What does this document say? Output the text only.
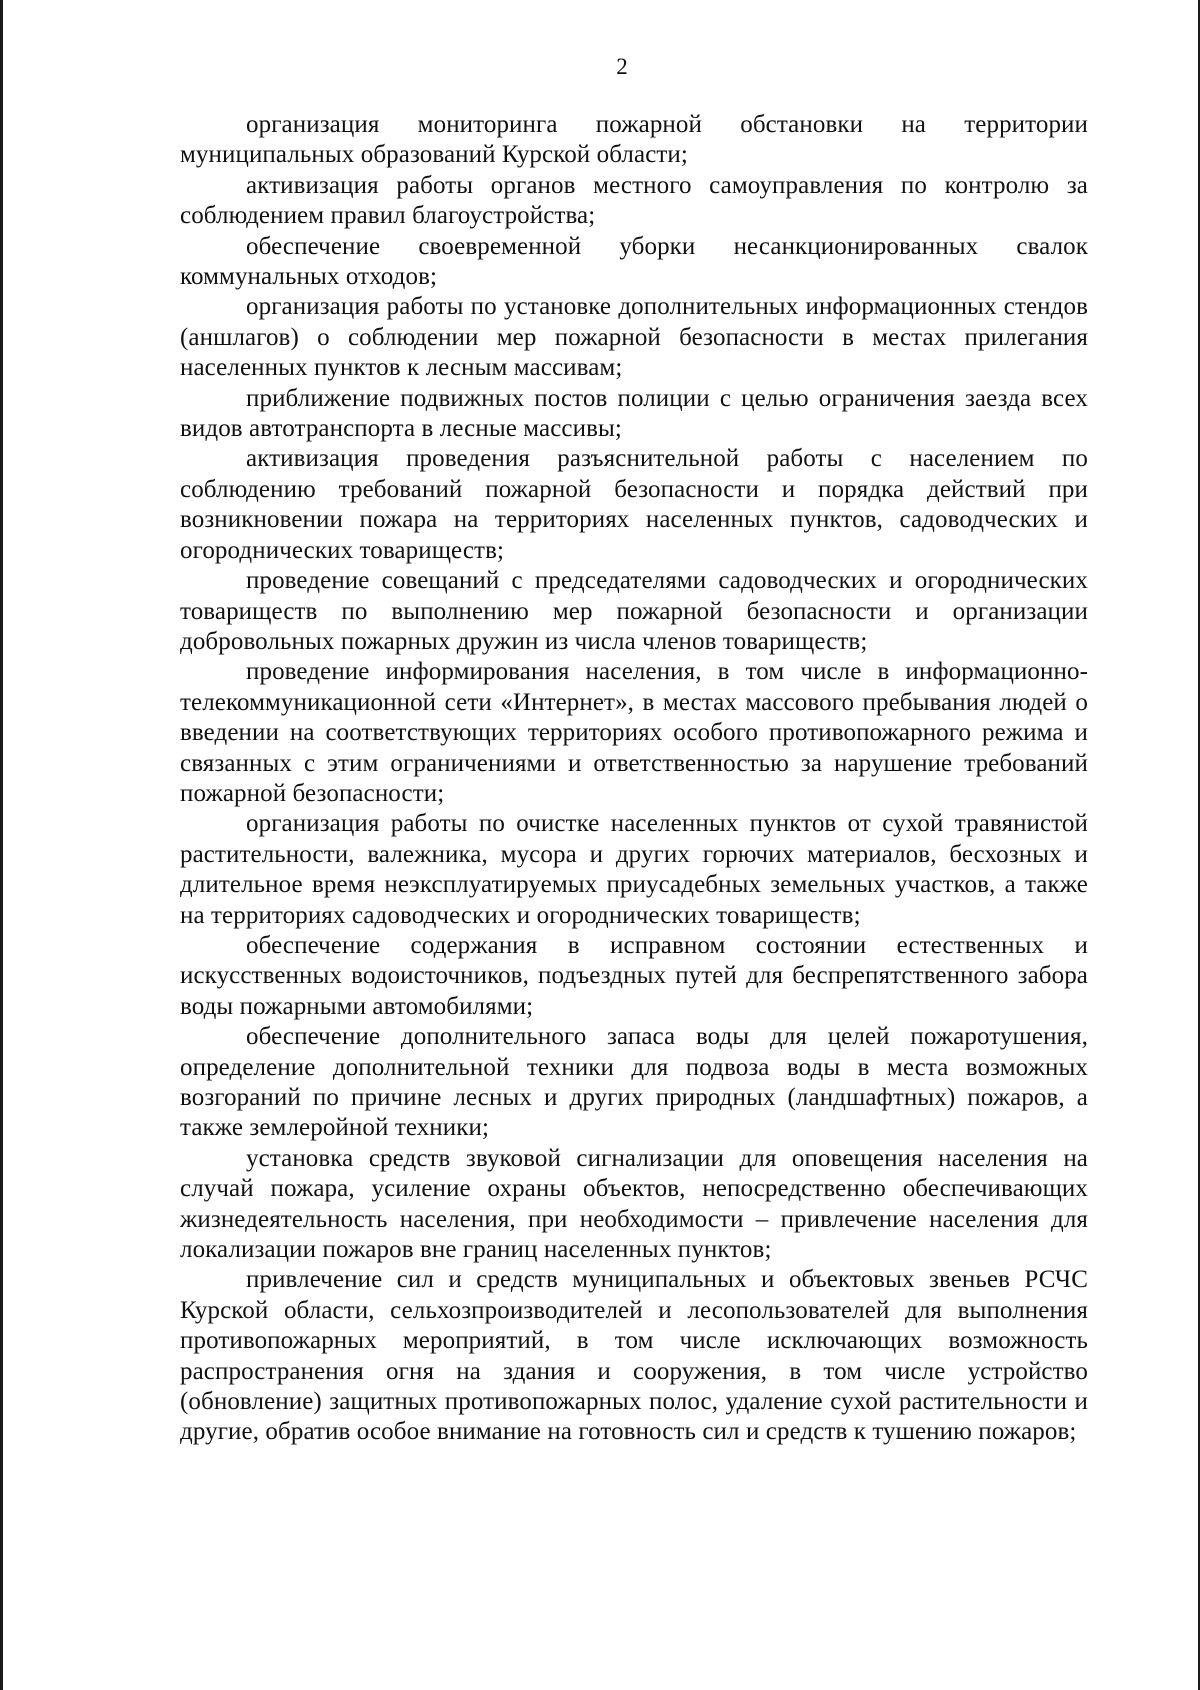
2

организация мониторинга пожарной обстановки на территории муниципальных образований Курской области;

активизация работы органов местного самоуправления по контролю за соблюдением правил благоустройства;

обеспечение своевременной уборки несанкционированных свалок коммунальных отходов;

организация работы по установке дополнительных информационных стендов (аншлагов) о соблюдении мер пожарной безопасности в местах прилегания населенных пунктов к лесным массивам;

приближение подвижных постов полиции с целью ограничения заезда всех видов автотранспорта в лесные массивы;

активизация проведения разъяснительной работы с населением по соблюдению требований пожарной безопасности и порядка действий при возникновении пожара на территориях населенных пунктов, садоводческих и огороднических товариществ;

проведение совещаний с председателями садоводческих и огороднических товариществ по выполнению мер пожарной безопасности и организации добровольных пожарных дружин из числа членов товариществ;

проведение информирования населения, в том числе в информационно-телекоммуникационной сети «Интернет», в местах массового пребывания людей о введении на соответствующих территориях особого противопожарного режима и связанных с этим ограничениями и ответственностью за нарушение требований пожарной безопасности;

организация работы по очистке населенных пунктов от сухой травянистой растительности, валежника, мусора и других горючих материалов, бесхозных и длительное время неэксплуатируемых приусадебных земельных участков, а также на территориях садоводческих и огороднических товариществ;

обеспечение содержания в исправном состоянии естественных и искусственных водоисточников, подъездных путей для беспрепятственного забора воды пожарными автомобилями;

обеспечение дополнительного запаса воды для целей пожаротушения, определение дополнительной техники для подвоза воды в места возможных возгораний по причине лесных и других природных (ландшафтных) пожаров, а также землеройной техники;

установка средств звуковой сигнализации для оповещения населения на случай пожара, усиление охраны объектов, непосредственно обеспечивающих жизнедеятельность населения, при необходимости – привлечение населения для локализации пожаров вне границ населенных пунктов;

привлечение сил и средств муниципальных и объектовых звеньев РСЧС Курской области, сельхозпроизводителей и лесопользователей для выполнения противопожарных мероприятий, в том числе исключающих возможность распространения огня на здания и сооружения, в том числе устройство (обновление) защитных противопожарных полос, удаление сухой растительности и другие, обратив особое внимание на готовность сил и средств к тушению пожаров;
